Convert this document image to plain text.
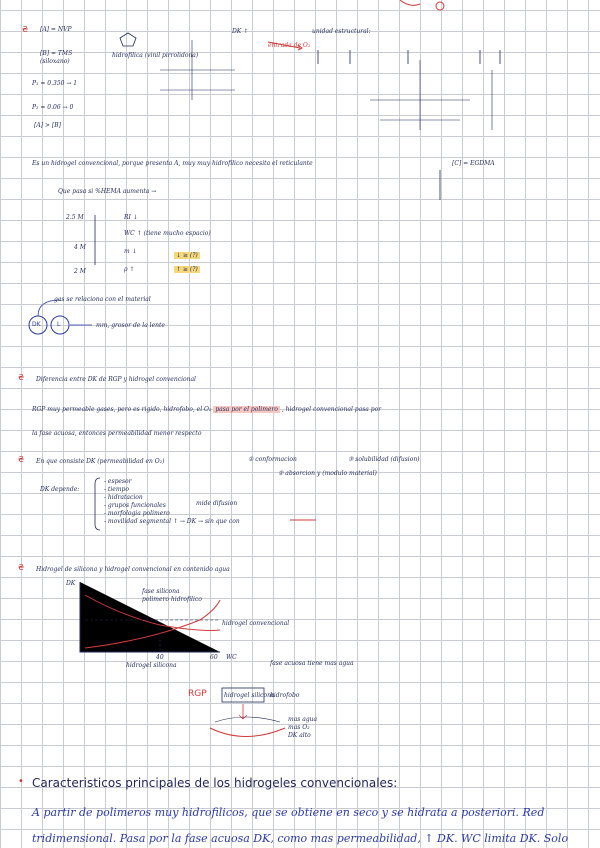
₴ [A] = NVP
[B] = TMS
(siloxano)
P₁ = 0.350 → 1
P₂ = 0.06 → 0
[A] > [B]
hidrofilica (vinil pirrolidona)
DK ↑
entrada de O₂
unidad estructural:
[C] = EGDMA
Es un hidrogel convencional, porque presenta A, muy muy hidrofilico necesita el reticulante
Que pasa si %HEMA aumenta →
2.5 M
4 M
2 M
RI ↓
WC ↑ (tiene mucho espacio)
m ↓
ρ ↑
↓ ≥ (?)
↑ ≥ (?)
DK	L
gas se relaciona con el material
mm, grosor de la lente
₴ Diferencia entre DK de RGP y hidrogel convencional
RGP muy permeable gases, pero es rigido, hidrofobo, el O₂ pasa por el polimero , hidrogel convencional pasa por
la fase acuosa, entonces permeabilidad menor respecto
₴ En que consiste DK (permeabilidad en O₂)	① conformacion
② absorcion y (modulo material)
③ solubilidad (difusion)
DK depende:
- espesor
- tiempo
- hidratacion
- grupos funcionales
- morfologia polimero
- movilidad segmental ↑ → DK → sin que con
mide difusion
₴ Hidrogel de silicona y hidrogel convencional en contenido agua
DK
WC
fase silicona
polimero hidrofilico
40	60
hidrogel convencional
hidrogel silicona	fase acuosa tiene mas agua
RGP	hidrogel silicona
hidrofobo
mas agua
mas O₂
DK alto
• Caracteristicos principales de los hidrogeles convencionales:
A partir de polimeros muy hidrofilicos, que se obtiene en seco y se hidrata a posteriori. Red
tridimensional. Pasa por la fase acuosa DK, como mas permeabilidad, ↑ DK. WC limita DK. Solo
